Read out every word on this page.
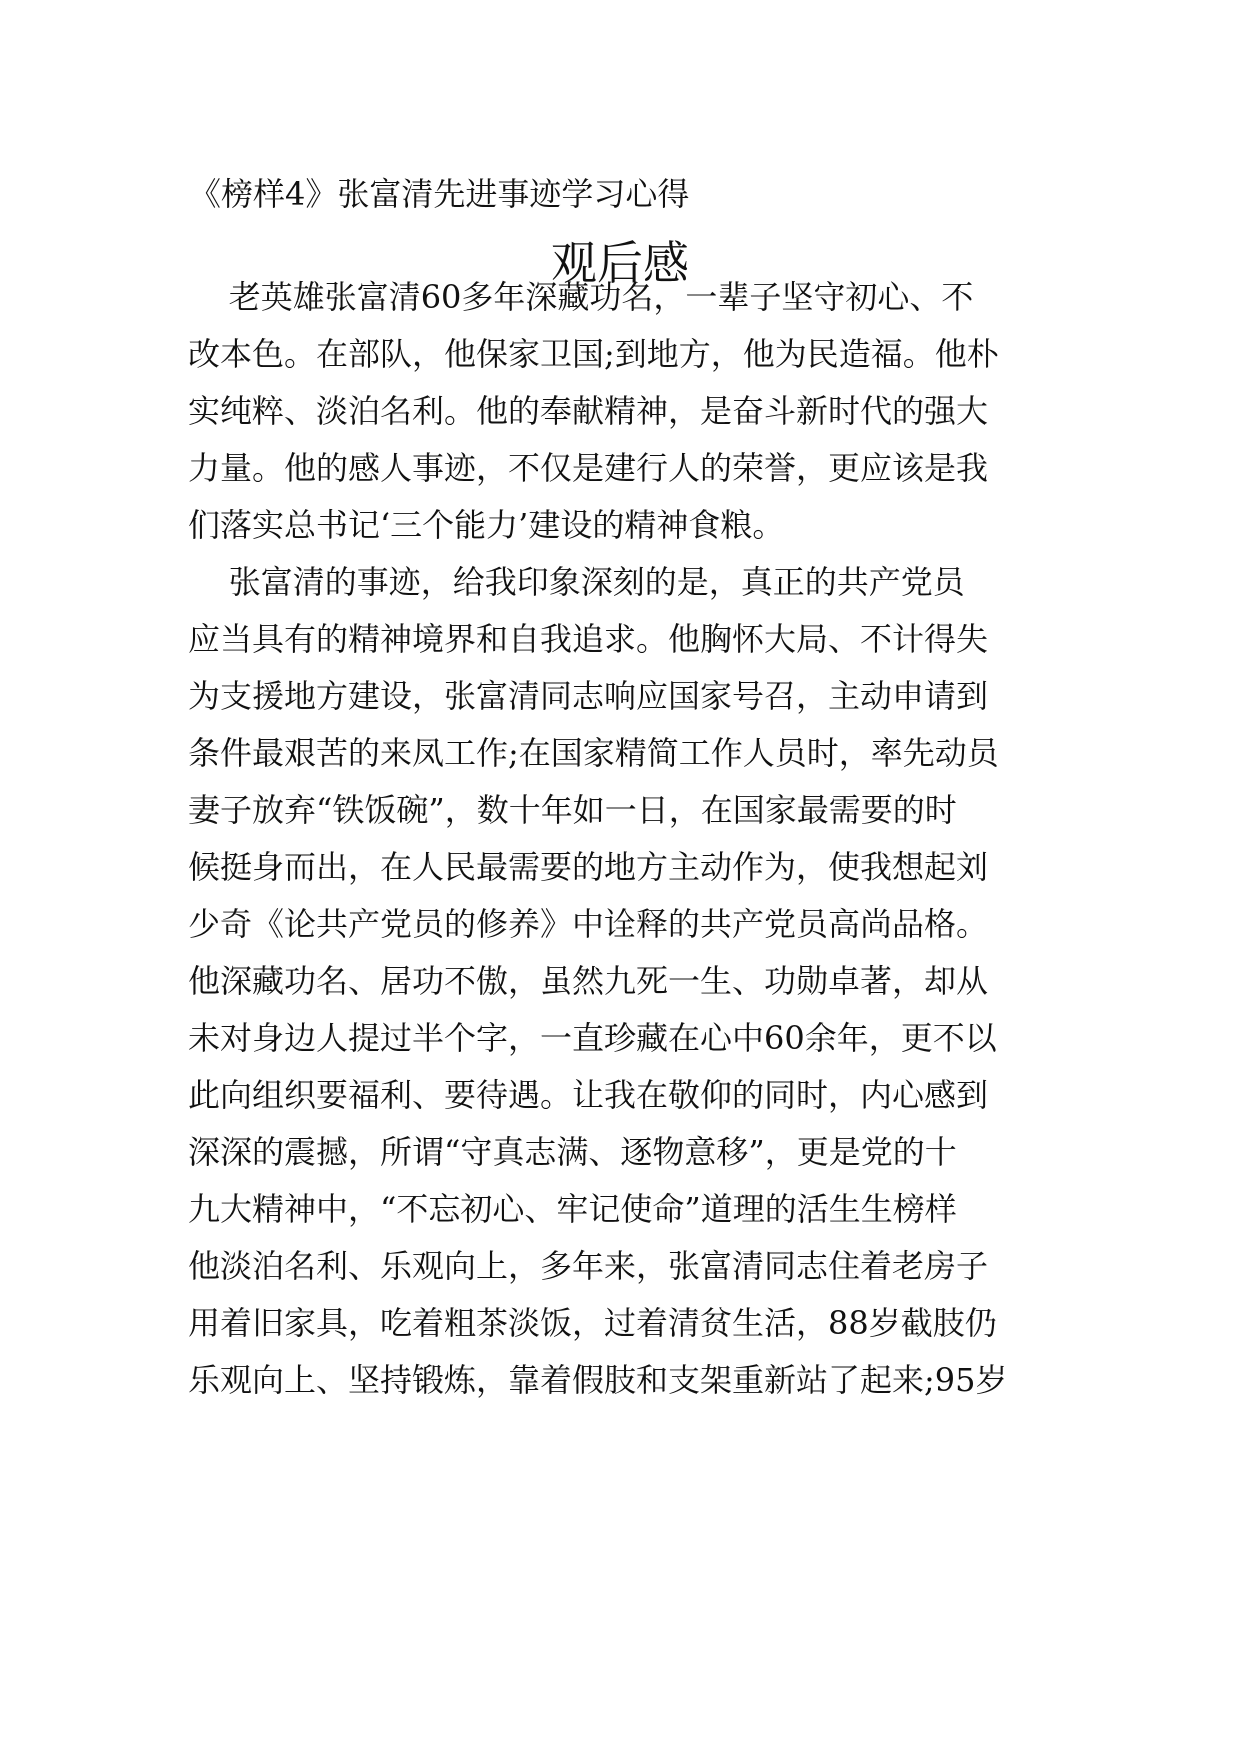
《榜样4》张富清先进事迹学习心得
观后感
老英雄张富清60多年深藏功名，一辈子坚守初心、不
改本色。在部队，他保家卫国;到地方，他为民造福。他朴
实纯粹、淡泊名利。他的奉献精神，是奋斗新时代的强大
力量。他的感人事迹，不仅是建行人的荣誉，更应该是我
们落实总书记‘三个能力’建设的精神食粮。
张富清的事迹，给我印象深刻的是，真正的共产党员
应当具有的精神境界和自我追求。他胸怀大局、不计得失
为支援地方建设，张富清同志响应国家号召，主动申请到
条件最艰苦的来凤工作;在国家精简工作人员时，率先动员
妻子放弃“铁饭碗”，数十年如一日，在国家最需要的时
候挺身而出，在人民最需要的地方主动作为，使我想起刘
少奇《论共产党员的修养》中诠释的共产党员高尚品格。
他深藏功名、居功不傲，虽然九死一生、功勋卓著，却从
未对身边人提过半个字，一直珍藏在心中60余年，更不以
此向组织要福利、要待遇。让我在敬仰的同时，内心感到
深深的震撼，所谓“守真志满、逐物意移”，更是党的十
九大精神中，“不忘初心、牢记使命”道理的活生生榜样
他淡泊名利、乐观向上，多年来，张富清同志住着老房子
用着旧家具，吃着粗茶淡饭，过着清贫生活，88岁截肢仍
乐观向上、坚持锻炼，靠着假肢和支架重新站了起来;95岁
